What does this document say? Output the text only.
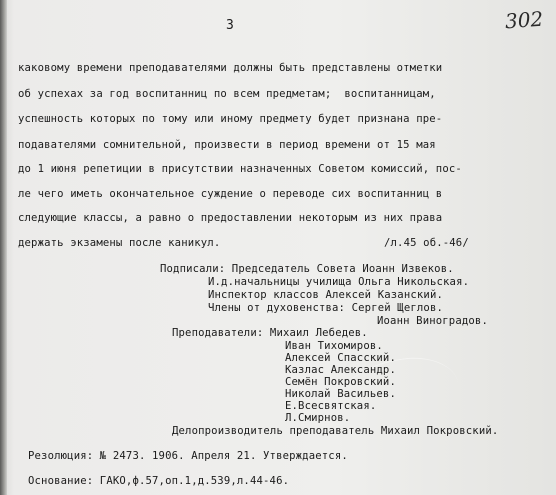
3	302
каковому времени преподавателями должны быть представлены отметки
об успехах за год воспитанниц по всем предметам;  воспитанницам,
успешность которых по тому или иному предмету будет признана пре-
подавателями сомнительной, произвести в период времени от 15 мая
до 1 июня репетиции в присутствии назначенных Советом комиссий, пос-
ле чего иметь окончательное суждение о переводе сих воспитанниц в
следующие классы, а равно о предоставлении некоторым из них права
держать экзамены после каникул.	/л.45 об.-46/
Подписали: Председатель Совета Иоанн Извеков.
И.д.начальницы училища Ольга Никольская.
Инспектор классов Алексей Казанский.
Члены от духовенства: Сергей Щеглов.
Иоанн Виноградов.
Преподаватели: Михаил Лебедев.
Иван Тихомиров.
Алексей Спасский.
Казлас Александр.
Семён Покровский.
Николай Васильев.
Е.Всесвятская.
Л.Смирнов.
Делопроизводитель преподаватель Михаил Покровский.
Резолюция: № 2473. 1906. Апреля 21. Утверждается.
Основание: ГАКО,ф.57,оп.1,д.539,л.44-46.
